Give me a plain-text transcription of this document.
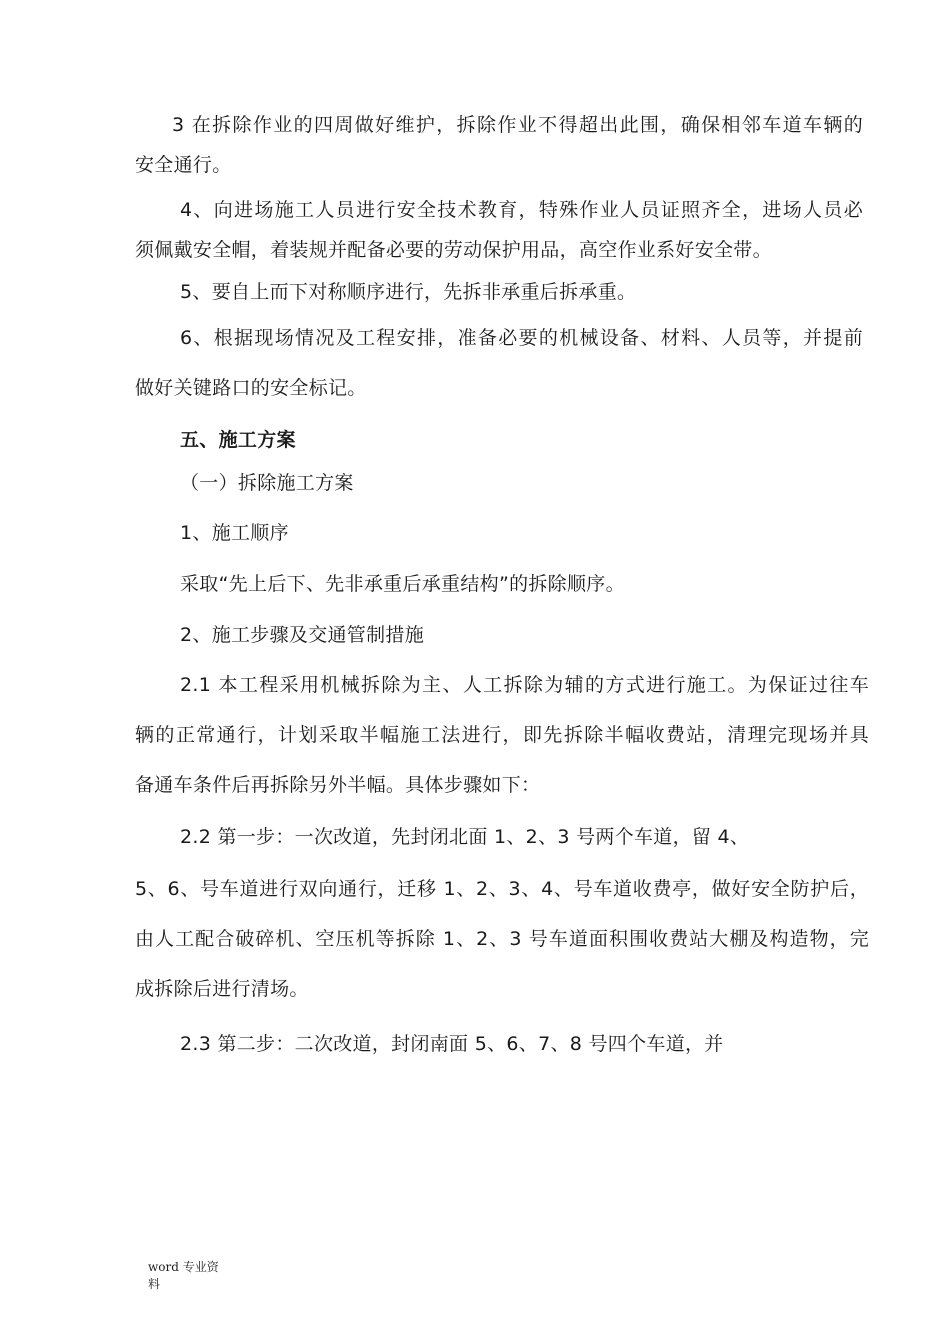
3 在拆除作业的四周做好维护，拆除作业不得超出此围，确保相邻车道车辆的
安全通行。
4、向进场施工人员进行安全技术教育，特殊作业人员证照齐全，进场人员必
须佩戴安全帽，着装规并配备必要的劳动保护用品，高空作业系好安全带。
5、要自上而下对称顺序进行，先拆非承重后拆承重。
6、根据现场情况及工程安排，准备必要的机械设备、材料、人员等，并提前
做好关键路口的安全标记。
五、施工方案
（一）拆除施工方案
1、施工顺序
采取“先上后下、先非承重后承重结构”的拆除顺序。
2、施工步骤及交通管制措施
2.1 本工程采用机械拆除为主、人工拆除为辅的方式进行施工。为保证过往车
辆的正常通行，计划采取半幅施工法进行，即先拆除半幅收费站，清理完现场并具
备通车条件后再拆除另外半幅。具体步骤如下：
2.2 第一步：一次改道，先封闭北面 1、2、3 号两个车道，留 4、
5、6、号车道进行双向通行，迁移 1、2、3、4、号车道收费亭，做好安全防护后，
由人工配合破碎机、空压机等拆除 1、2、3 号车道面积围收费站大棚及构造物，完
成拆除后进行清场。
2.3 第二步：二次改道，封闭南面 5、6、7、8 号四个车道，并
word 专业资
料
